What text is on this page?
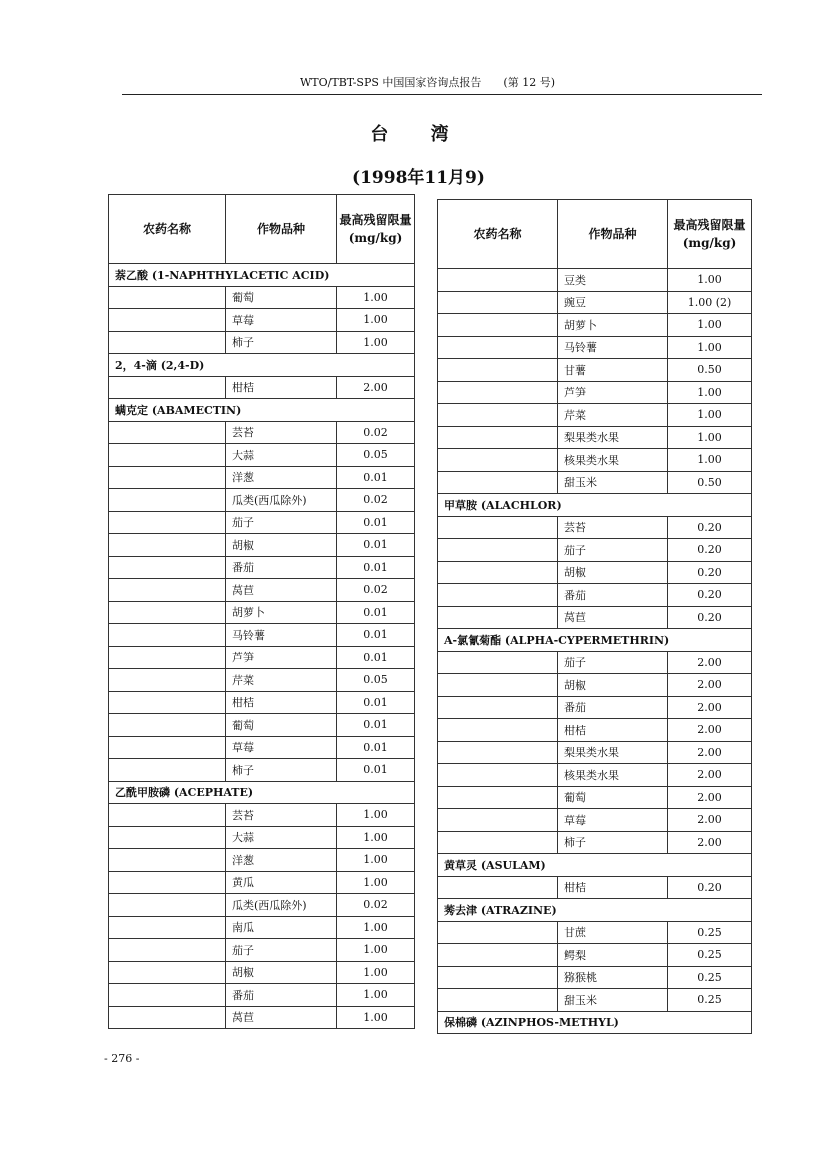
WTO/TBT-SPS 中国国家咨询点报告 (第 12 号)
台 湾
(1998年11月9)
农药名称	作物品种	最高残留限量
(mg/kg)
萘乙酸 (1-NAPHTHYLACETIC ACID)		
	葡萄	1.00
	草莓	1.00
	柿子	1.00
2，4-滴 (2,4-D)		
	柑桔	2.00
螨克定 (ABAMECTIN)		
	芸苔	0.02
	大蒜	0.05
	洋葱	0.01
	瓜类(西瓜除外)	0.02
	茄子	0.01
	胡椒	0.01
	番茄	0.01
	莴苣	0.02
	胡萝卜	0.01
	马铃薯	0.01
	芦笋	0.01
	芹菜	0.05
	柑桔	0.01
	葡萄	0.01
	草莓	0.01
	柿子	0.01
乙酰甲胺磷 (ACEPHATE)		
	芸苔	1.00
	大蒜	1.00
	洋葱	1.00
	黄瓜	1.00
	瓜类(西瓜除外)	0.02
	南瓜	1.00
	茄子	1.00
	胡椒	1.00
	番茄	1.00
	莴苣	1.00
农药名称	作物品种	最高残留限量
(mg/kg)
	豆类	1.00
	豌豆	1.00 (2)
	胡萝卜	1.00
	马铃薯	1.00
	甘薯	0.50
	芦笋	1.00
	芹菜	1.00
	梨果类水果	1.00
	核果类水果	1.00
	甜玉米	0.50
甲草胺 (ALACHLOR)		
	芸苔	0.20
	茄子	0.20
	胡椒	0.20
	番茄	0.20
	莴苣	0.20
A-氯氰菊酯 (ALPHA-CYPERMETHRIN)		
	茄子	2.00
	胡椒	2.00
	番茄	2.00
	柑桔	2.00
	梨果类水果	2.00
	核果类水果	2.00
	葡萄	2.00
	草莓	2.00
	柿子	2.00
黄草灵 (ASULAM)		
	柑桔	0.20
莠去津 (ATRAZINE)		
	甘蔗	0.25
	鳄梨	0.25
	猕猴桃	0.25
	甜玉米	0.25
保棉磷 (AZINPHOS-METHYL)		
- 276 -
